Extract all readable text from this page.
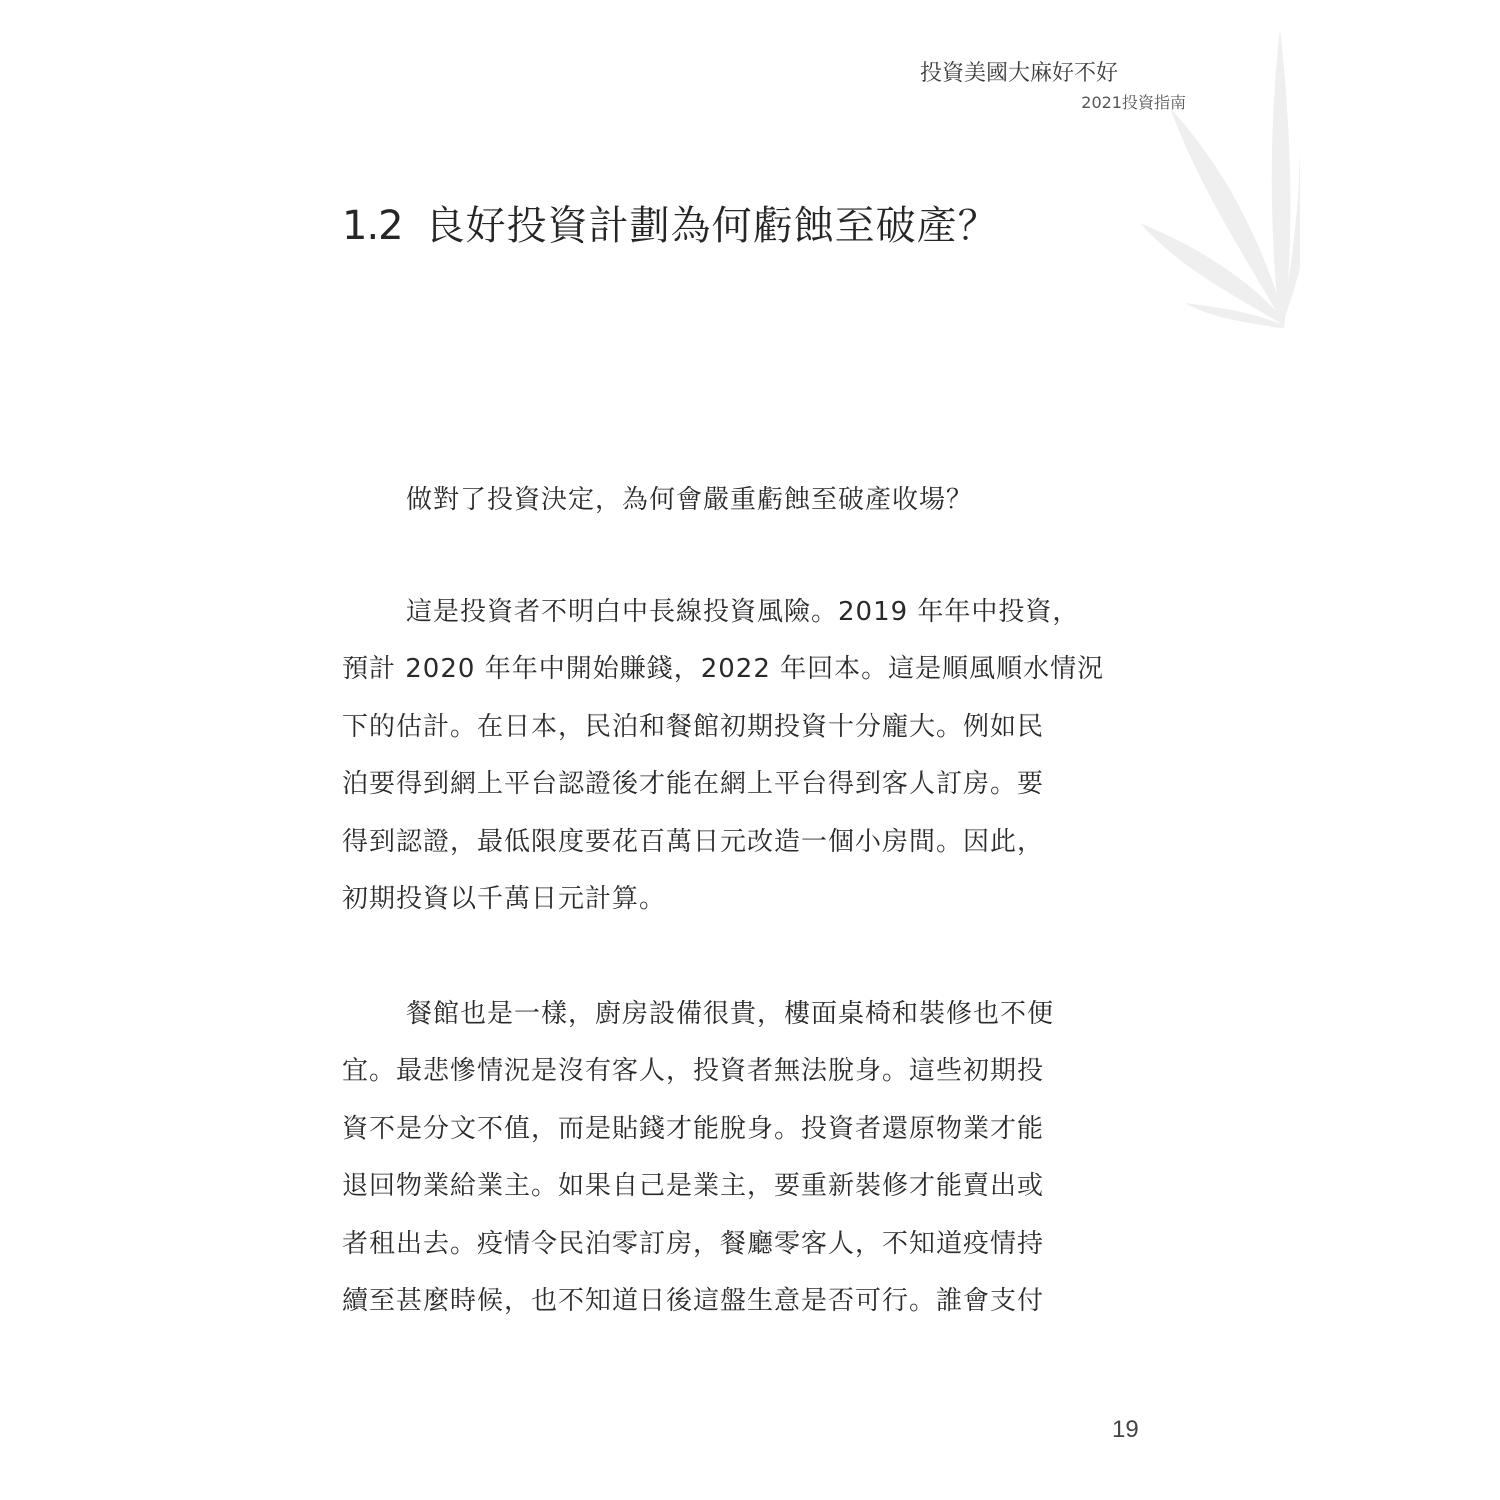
投資美國大麻好不好
2021投資指南
1.2 良好投資計劃為何虧蝕至破產？
做對了投資決定，為何會嚴重虧蝕至破產收場？
這是投資者不明白中長線投資風險。2019 年年中投資，
預計 2020 年年中開始賺錢，2022 年回本。這是順風順水情況
下的估計。在日本，民泊和餐館初期投資十分龐大。例如民
泊要得到網上平台認證後才能在網上平台得到客人訂房。要
得到認證，最低限度要花百萬日元改造一個小房間。因此，
初期投資以千萬日元計算。
餐館也是一樣，廚房設備很貴，樓面桌椅和裝修也不便
宜。最悲慘情況是沒有客人，投資者無法脫身。這些初期投
資不是分文不值，而是貼錢才能脫身。投資者還原物業才能
退回物業給業主。如果自己是業主，要重新裝修才能賣出或
者租出去。疫情令民泊零訂房，餐廳零客人，不知道疫情持
續至甚麼時候，也不知道日後這盤生意是否可行。誰會支付
19
